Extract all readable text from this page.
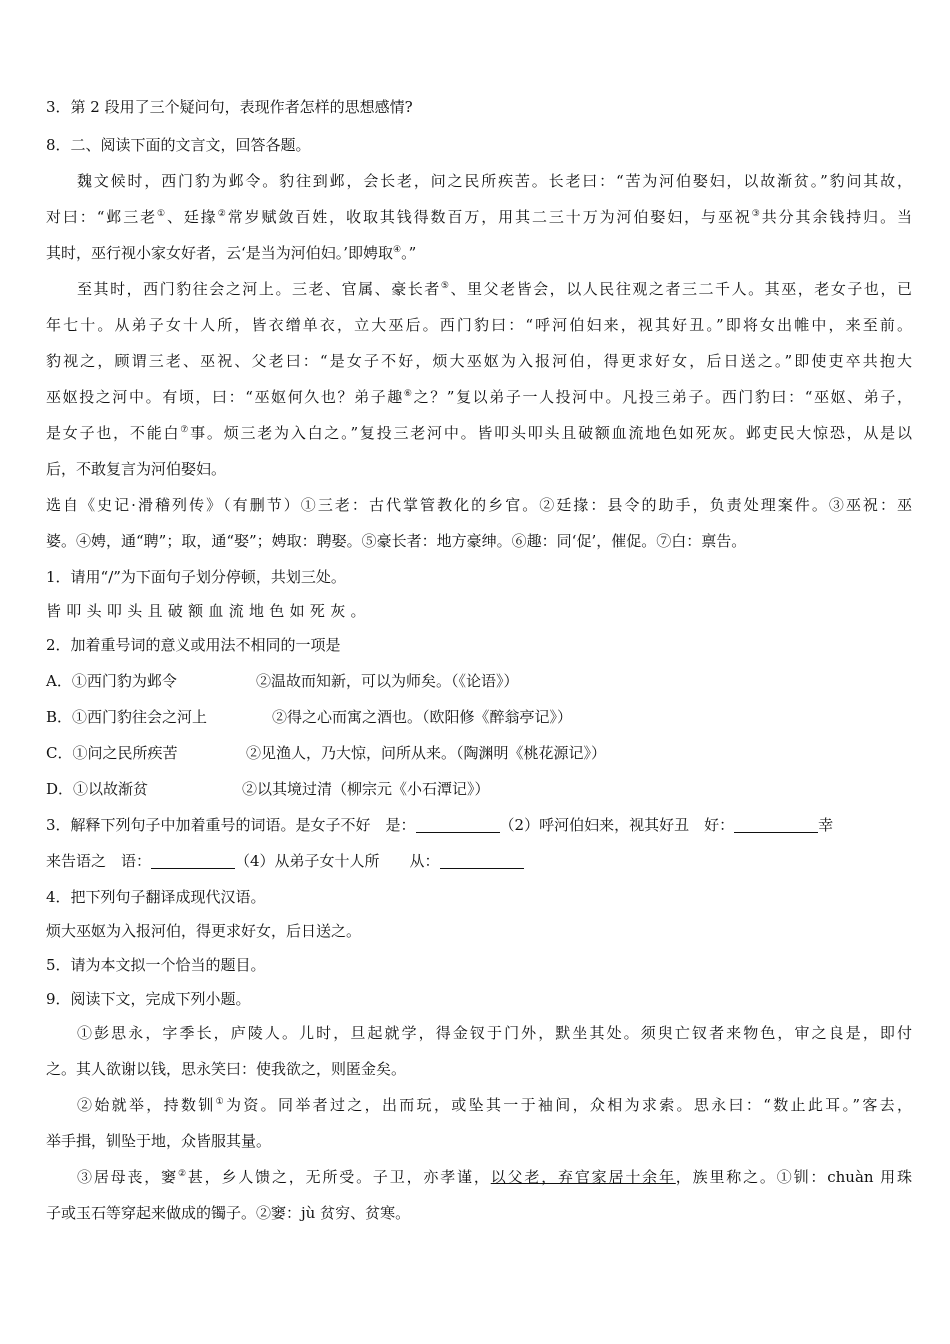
3．第 2 段用了三个疑问句，表现作者怎样的思想感情?

8．二、阅读下面的文言文，回答各题。

魏文候时，西门豹为邺令。豹往到邺，会长老，问之民所疾苦。长老曰：“苦为河伯娶妇，以故渐贫。”豹问其故，

对曰：“邺三老①、廷掾②常岁赋敛百姓，收取其钱得数百万，用其二三十万为河伯娶妇，与巫祝③共分其余钱持归。当

其时，巫行视小家女好者，云‘是当为河伯妇。’即娉取④。”

至其时，西门豹往会之河上。三老、官属、豪长者⑤、里父老皆会，以人民往观之者三二千人。其巫，老女子也，已

年七十。从弟子女十人所，皆衣缯单衣，立大巫后。西门豹曰：“呼河伯妇来，视其好丑。”即将女出帷中，来至前。

豹视之，顾谓三老、巫祝、父老曰：“是女子不好，烦大巫妪为入报河伯，得更求好女，后日送之。”即使吏卒共抱大

巫妪投之河中。有顷，曰：“巫妪何久也？弟子趣⑥之？”复以弟子一人投河中。凡投三弟子。西门豹曰：“巫妪、弟子，

是女子也，不能白⑦事。烦三老为入白之。”复投三老河中。皆叩头叩头且破额血流地色如死灰。邺吏民大惊恐，从是以

后，不敢复言为河伯娶妇。

选自《史记·滑稽列传》（有删节）①三老：古代掌管教化的乡官。②廷掾：县令的助手，负责处理案件。③巫祝：巫

婆。④娉，通“聘”；取，通“娶”；娉取：聘娶。⑤豪长者：地方豪绅。⑥趣：同‘促’，催促。⑦白：禀告。

1．请用“/”为下面句子划分停顿，共划三处。

皆叩头叩头且破额血流地色如死灰。

2．加着重号词的意义或用法不相同的一项是

A．①西门豹为邺令	②温故而知新，可以为师矣。（《论语》）

B．①西门豹往会之河上	②得之心而寓之酒也。（欧阳修《醉翁亭记》）

C．①问之民所疾苦	②见渔人，乃大惊，问所从来。（陶渊明《桃花源记》）

D．①以故渐贫	②以其境过清（柳宗元《小石潭记》）

3．解释下列句子中加着重号的词语。是女子不好　是：	（2）呼河伯妇来，视其好丑　好：	幸

来告语之　语：	（4）从弟子女十人所　　从：

4．把下列句子翻译成现代汉语。

烦大巫妪为入报河伯，得更求好女，后日送之。

5．请为本文拟一个恰当的题目。

9．阅读下文，完成下列小题。

①彭思永，字季长，庐陵人。儿时，旦起就学，得金钗于门外，默坐其处。须臾亡钗者来物色，审之良是，即付

之。其人欲谢以钱，思永笑曰：使我欲之，则匿金矣。

②始就举，持数钏①为资。同举者过之，出而玩，或坠其一于袖间，众相为求索。思永曰：“数止此耳。”客去，

举手揖，钏坠于地，众皆服其量。

③居母丧，窭②甚，乡人馈之，无所受。子卫，亦孝谨，以父老，弃官家居十余年，族里称之。①钏：chuàn 用珠

子或玉石等穿起来做成的镯子。②窭：jù 贫穷、贫寒。
